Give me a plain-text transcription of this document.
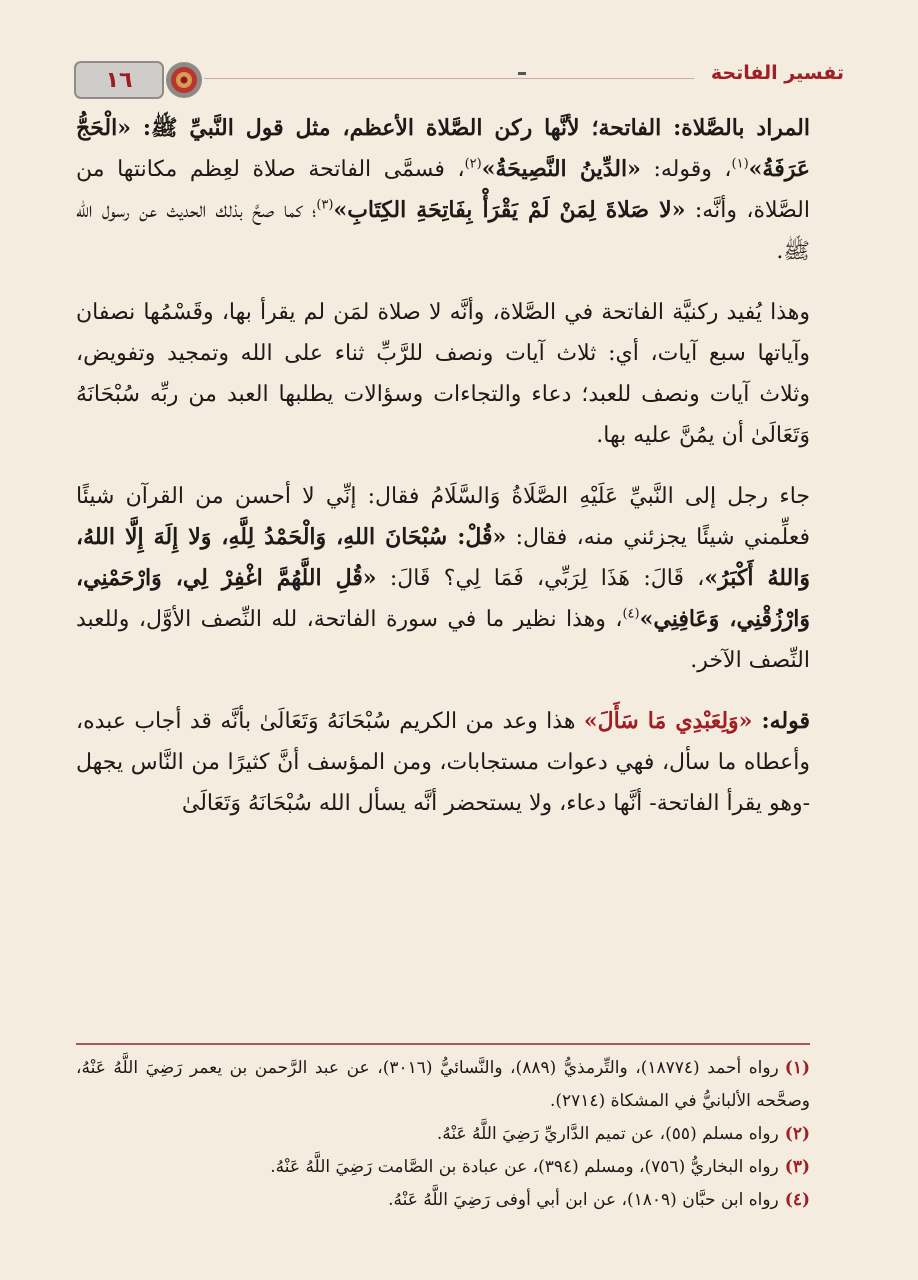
١٦	تفسير الفاتحة

المراد بالصَّلاة: الفاتحة؛ لأنَّها ركن الصَّلاة الأعظم، مثل قول النَّبيِّ ﷺ: «الْحَجُّ عَرَفَةُ»$^{(١)}$، وقوله: «الدِّينُ النَّصِيحَةُ»$^{(٢)}$، فسمَّى الفاتحة صلاة لعِظم مكانتها من الصَّلاة، وأنَّه: «لا صَلاةَ لِمَنْ لَمْ يَقْرَأْ بِفَاتِحَةِ الكِتَابِ»$^{(٣)}$؛ كما صحَّ بذلك الحديث عن رسول الله ﷺ.

وهذا يُفيد ركنيَّة الفاتحة في الصَّلاة، وأنَّه لا صلاة لمَن لم يقرأ بها، وقَسْمُها نصفان وآياتها سبع آيات، أي: ثلاث آيات ونصف للرَّبِّ ثناء على الله وتمجيد وتفويض، وثلاث آيات ونصف للعبد؛ دعاء والتجاءات وسؤالات يطلبها العبد من ربِّه سُبْحَانَهُ وَتَعَالَىٰ أن يمُنَّ عليه بها.

جاء رجل إلى النَّبيِّ عَلَيْهِ الصَّلَاةُ وَالسَّلَامُ فقال: إنِّي لا أحسن من القرآن شيئًا فعلِّمني شيئًا يجزئني منه، فقال: «قُلْ: سُبْحَانَ اللهِ، وَالْحَمْدُ لِلَّهِ، وَلا إِلَهَ إِلَّا اللهُ، وَاللهُ أَكْبَرُ»، قَالَ: هَذَا لِرَبِّي، فَمَا لِي؟ قَالَ: «قُلِ اللَّهُمَّ اغْفِرْ لِي، وَارْحَمْنِي، وَارْزُقْنِي، وَعَافِنِي»$^{(٤)}$، وهذا نظير ما في سورة الفاتحة، لله النِّصف الأوَّل، وللعبد النِّصف الآخر.

قوله: «وَلِعَبْدِي مَا سَأَلَ» هذا وعد من الكريم سُبْحَانَهُ وَتَعَالَىٰ بأنَّه قد أجاب عبده، وأعطاه ما سأل، فهي دعوات مستجابات، ومن المؤسف أنَّ كثيرًا من النَّاس يجهل -وهو يقرأ الفاتحة- أنَّها دعاء، ولا يستحضر أنَّه يسأل الله سُبْحَانَهُ وَتَعَالَىٰ

(١)رواه أحمد (١٨٧٧٤)، والتِّرمذيُّ (٨٨٩)، والنَّسائيُّ (٣٠١٦)، عن عبد الرَّحمن بن يعمر رَضِيَ اللَّهُ عَنْهُ، وصحَّحه الألبانيُّ في المشكاة (٢٧١٤).

(٢)رواه مسلم (٥٥)، عن تميم الدَّاريِّ رَضِيَ اللَّهُ عَنْهُ.

(٣)رواه البخاريُّ (٧٥٦)، ومسلم (٣٩٤)، عن عبادة بن الصَّامت رَضِيَ اللَّهُ عَنْهُ.

(٤)رواه ابن حبَّان (١٨٠٩)، عن ابن أبي أوفى رَضِيَ اللَّهُ عَنْهُ.
